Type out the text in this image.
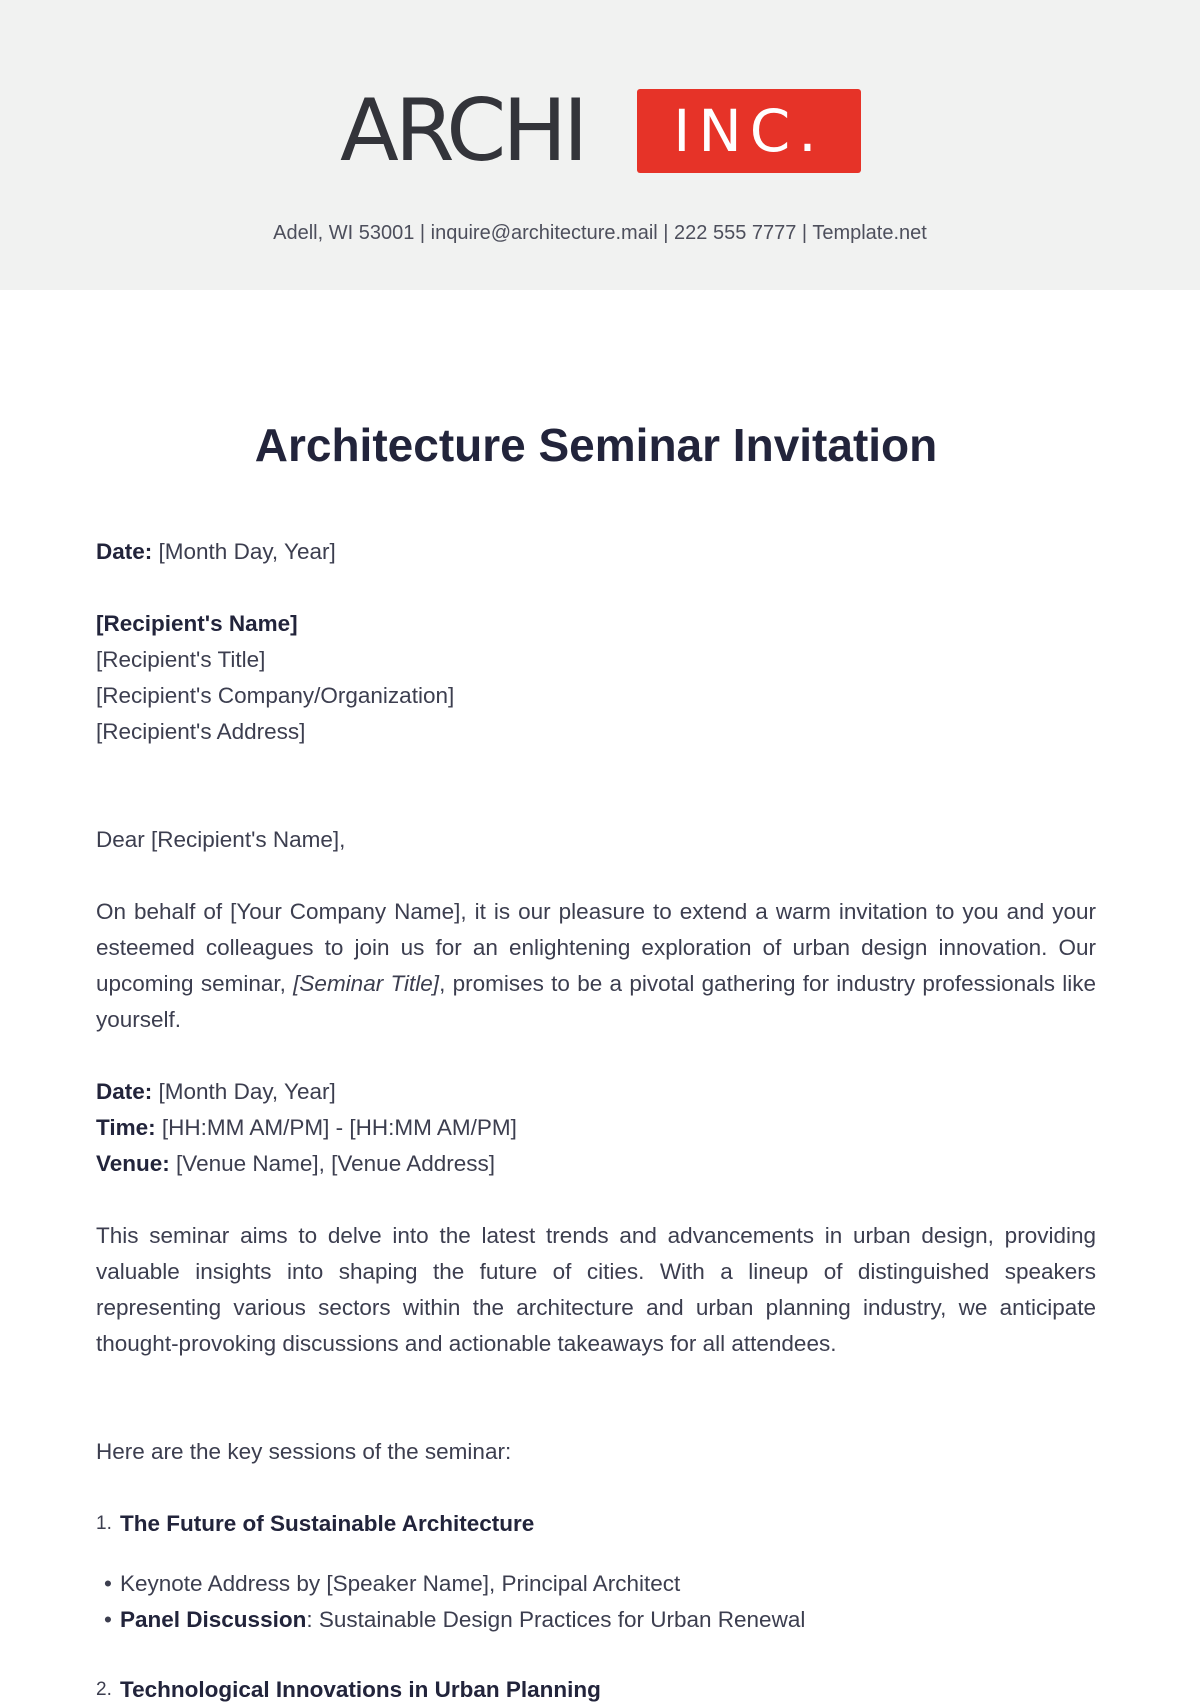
ARCHI	INC.
Adell, WI 53001 | inquire@architecture.mail | 222 555 7777 | Template.net
Architecture Seminar Invitation
Date: [Month Day, Year]
[Recipient's Name]
[Recipient's Title]
[Recipient's Company/Organization]
[Recipient's Address]
Dear [Recipient's Name],
On behalf of [Your Company Name], it is our pleasure to extend a warm invitation to you and your esteemed colleagues to join us for an enlightening exploration of urban design innovation. Our upcoming seminar, [Seminar Title], promises to be a pivotal gathering for industry professionals like yourself.
Date: [Month Day, Year]
Time: [HH:MM AM/PM] - [HH:MM AM/PM]
Venue: [Venue Name], [Venue Address]
This seminar aims to delve into the latest trends and advancements in urban design, providing valuable insights into shaping the future of cities. With a lineup of distinguished speakers representing various sectors within the architecture and urban planning industry, we anticipate thought-provoking discussions and actionable takeaways for all attendees.
Here are the key sessions of the seminar:
1. The Future of Sustainable Architecture
• Keynote Address by [Speaker Name], Principal Architect
• Panel Discussion: Sustainable Design Practices for Urban Renewal
2. Technological Innovations in Urban Planning
